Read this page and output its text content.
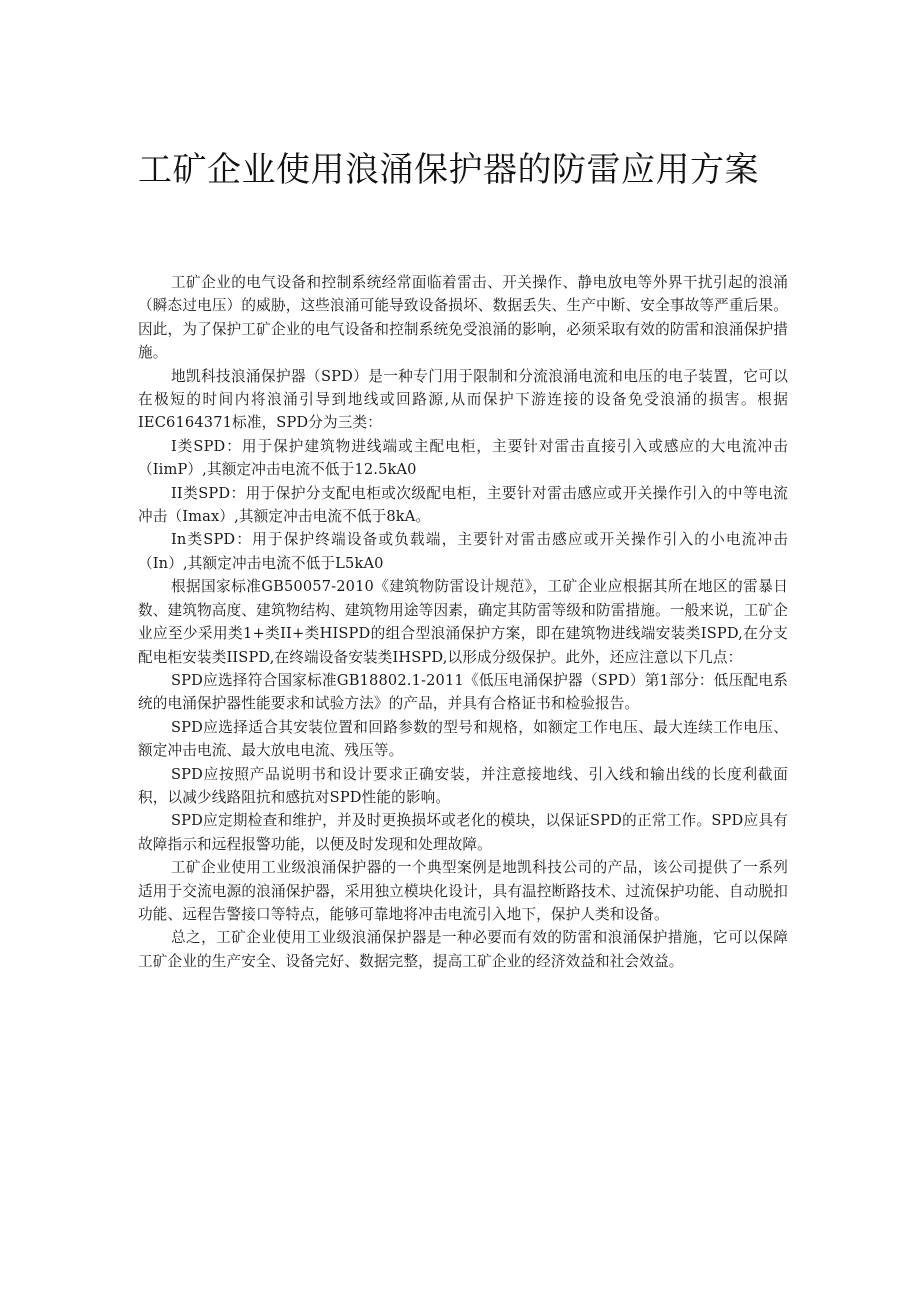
工矿企业使用浪涌保护器的防雷应用方案

工矿企业的电气设备和控制系统经常面临着雷击、开关操作、静电放电等外界干扰引起的浪涌（瞬态过电压）的威胁，这些浪涌可能导致设备损坏、数据丢失、生产中断、安全事故等严重后果。因此，为了保护工矿企业的电气设备和控制系统免受浪涌的影响，必须采取有效的防雷和浪涌保护措施。

地凯科技浪涌保护器（SPD）是一种专门用于限制和分流浪涌电流和电压的电子装置，它可以在极短的时间内将浪涌引导到地线或回路源,从而保护下游连接的设备免受浪涌的损害。根据IEC6164371标准，SPD分为三类：

I类SPD：用于保护建筑物进线端或主配电柜，主要针对雷击直接引入或感应的大电流冲击（IimP）,其额定冲击电流不低于12.5kA0

II类SPD：用于保护分支配电柜或次级配电柜，主要针对雷击感应或开关操作引入的中等电流冲击（Imax）,其额定冲击电流不低于8kA。

In类SPD：用于保护终端设备或负载端，主要针对雷击感应或开关操作引入的小电流冲击（In）,其额定冲击电流不低于L5kA0

根据国家标准GB50057-2010《建筑物防雷设计规范》，工矿企业应根据其所在地区的雷暴日数、建筑物高度、建筑物结构、建筑物用途等因素，确定其防雷等级和防雷措施。一般来说，工矿企业应至少采用类1+类II+类HISPD的组合型浪涌保护方案，即在建筑物进线端安装类ISPD,在分支配电柜安装类IISPD,在终端设备安装类IHSPD,以形成分级保护。此外，还应注意以下几点：

SPD应选择符合国家标准GB18802.1-2011《低压电涌保护器（SPD）第1部分：低压配电系统的电涌保护器性能要求和试验方法》的产品，并具有合格证书和检验报告。

SPD应选择适合其安装位置和回路参数的型号和规格，如额定工作电压、最大连续工作电压、额定冲击电流、最大放电电流、残压等。

SPD应按照产品说明书和设计要求正确安装，并注意接地线、引入线和输出线的长度利截面积，以减少线路阻抗和感抗对SPD性能的影响。

SPD应定期检查和维护，并及时更换损坏或老化的模块，以保证SPD的正常工作。SPD应具有故障指示和远程报警功能，以便及时发现和处理故障。

工矿企业使用工业级浪涌保护器的一个典型案例是地凯科技公司的产品，该公司提供了一系列适用于交流电源的浪涌保护器，采用独立模块化设计，具有温控断路技术、过流保护功能、自动脱扣功能、远程告警接口等特点，能够可靠地将冲击电流引入地下，保护人类和设备。

总之，工矿企业使用工业级浪涌保护器是一种必要而有效的防雷和浪涌保护措施，它可以保障工矿企业的生产安全、设备完好、数据完整，提高工矿企业的经济效益和社会效益。
